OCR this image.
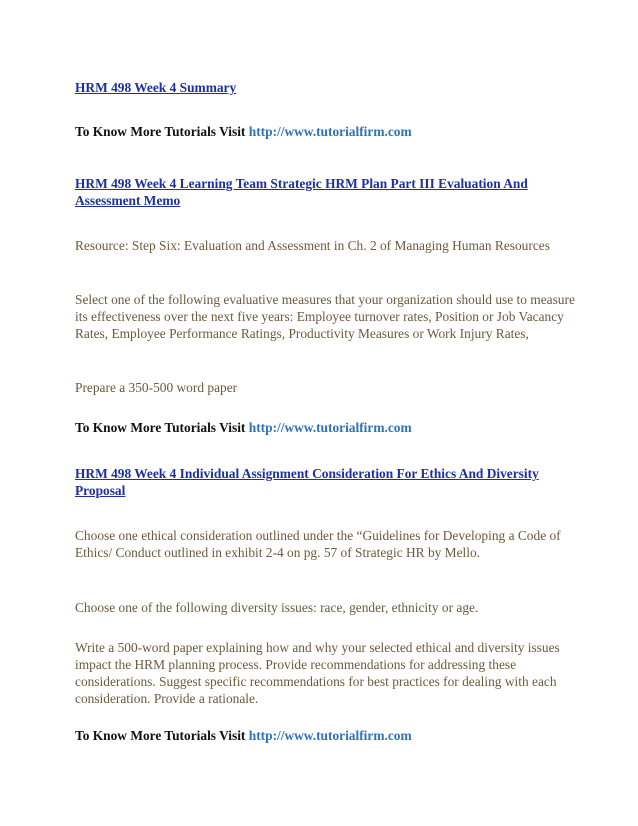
HRM 498 Week 4 Summary

To Know More Tutorials Visit http://www.tutorialfirm.com

HRM 498 Week 4 Learning Team Strategic HRM Plan Part III Evaluation And Assessment Memo

Resource: Step Six: Evaluation and Assessment in Ch. 2 of Managing Human Resources

Select one of the following evaluative measures that your organization should use to measure its effectiveness over the next five years: Employee turnover rates, Position or Job Vacancy Rates, Employee Performance Ratings, Productivity Measures or Work Injury Rates,

Prepare a 350-500 word paper

To Know More Tutorials Visit http://www.tutorialfirm.com

HRM 498 Week 4 Individual Assignment Consideration For Ethics And Diversity Proposal

Choose one ethical consideration outlined under the “Guidelines for Developing a Code of Ethics/ Conduct outlined in exhibit 2-4 on pg. 57 of Strategic HR by Mello.

Choose one of the following diversity issues: race, gender, ethnicity or age.

Write a 500-word paper explaining how and why your selected ethical and diversity issues impact the HRM planning process. Provide recommendations for addressing these considerations. Suggest specific recommendations for best practices for dealing with each consideration. Provide a rationale.

To Know More Tutorials Visit http://www.tutorialfirm.com
